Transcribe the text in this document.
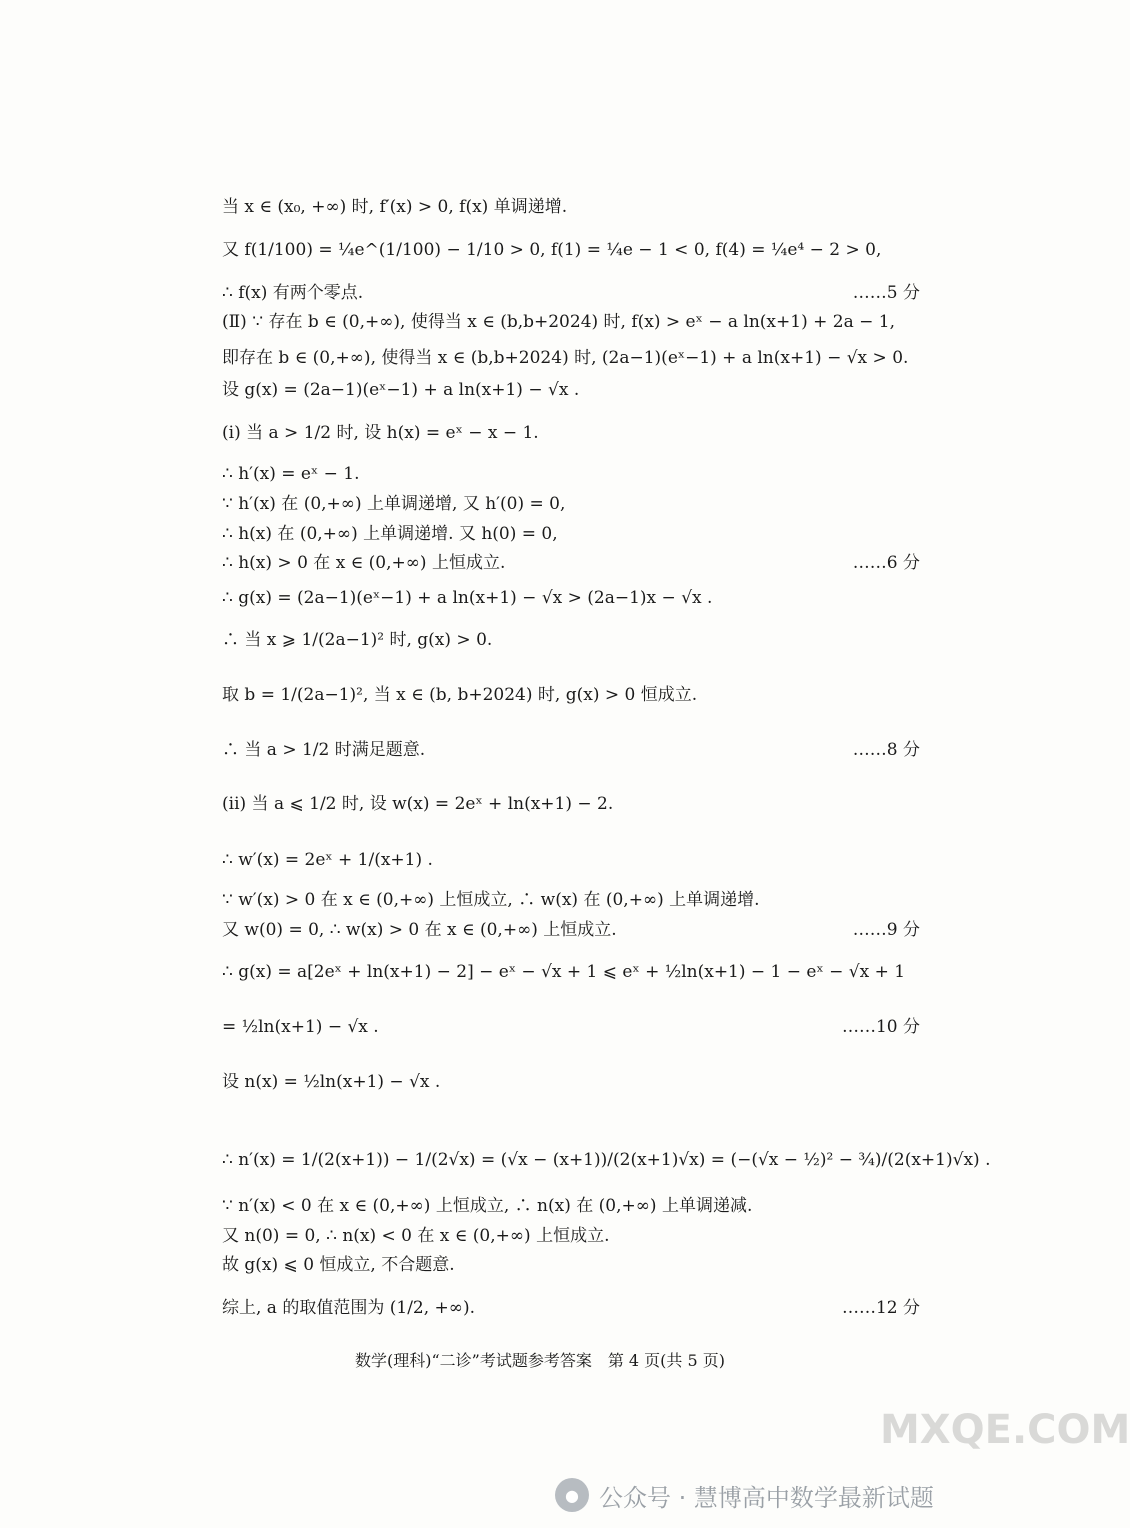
当 x ∈ (x₀, +∞) 时, f′(x) > 0, f(x) 单调递增.
又 f(1/100) = ¼e^(1/100) − 1/10 > 0, f(1) = ¼e − 1 < 0, f(4) = ¼e⁴ − 2 > 0,
∴ f(x) 有两个零点.	……5 分
(Ⅱ) ∵ 存在 b ∈ (0,+∞), 使得当 x ∈ (b,b+2024) 时, f(x) > eˣ − a ln(x+1) + 2a − 1,
即存在 b ∈ (0,+∞), 使得当 x ∈ (b,b+2024) 时, (2a−1)(eˣ−1) + a ln(x+1) − √x > 0.
设 g(x) = (2a−1)(eˣ−1) + a ln(x+1) − √x .
(i) 当 a > 1/2 时, 设 h(x) = eˣ − x − 1.
∴ h′(x) = eˣ − 1.
∵ h′(x) 在 (0,+∞) 上单调递增, 又 h′(0) = 0,
∴ h(x) 在 (0,+∞) 上单调递增. 又 h(0) = 0,
∴ h(x) > 0 在 x ∈ (0,+∞) 上恒成立.	……6 分
∴ g(x) = (2a−1)(eˣ−1) + a ln(x+1) − √x > (2a−1)x − √x .
∴ 当 x ⩾ 1/(2a−1)² 时, g(x) > 0.
取 b = 1/(2a−1)², 当 x ∈ (b, b+2024) 时, g(x) > 0 恒成立.
∴ 当 a > 1/2 时满足题意.	……8 分
(ii) 当 a ⩽ 1/2 时, 设 w(x) = 2eˣ + ln(x+1) − 2.
∴ w′(x) = 2eˣ + 1/(x+1) .
∵ w′(x) > 0 在 x ∈ (0,+∞) 上恒成立, ∴ w(x) 在 (0,+∞) 上单调递增.
又 w(0) = 0, ∴ w(x) > 0 在 x ∈ (0,+∞) 上恒成立.	……9 分
∴ g(x) = a[2eˣ + ln(x+1) − 2] − eˣ − √x + 1 ⩽ eˣ + ½ln(x+1) − 1 − eˣ − √x + 1
= ½ln(x+1) − √x .	……10 分
设 n(x) = ½ln(x+1) − √x .
∴ n′(x) = 1/(2(x+1)) − 1/(2√x) = (√x − (x+1))/(2(x+1)√x) = (−(√x − ½)² − ¾)/(2(x+1)√x) .
∵ n′(x) < 0 在 x ∈ (0,+∞) 上恒成立, ∴ n(x) 在 (0,+∞) 上单调递减.
又 n(0) = 0, ∴ n(x) < 0 在 x ∈ (0,+∞) 上恒成立.
故 g(x) ⩽ 0 恒成立, 不合题意.
综上, a 的取值范围为 (1/2, +∞).	……12 分
数学(理科)“二诊”考试题参考答案　第 4 页(共 5 页)
MXQE.COM
● 公众号 · 慧博高中数学最新试题
